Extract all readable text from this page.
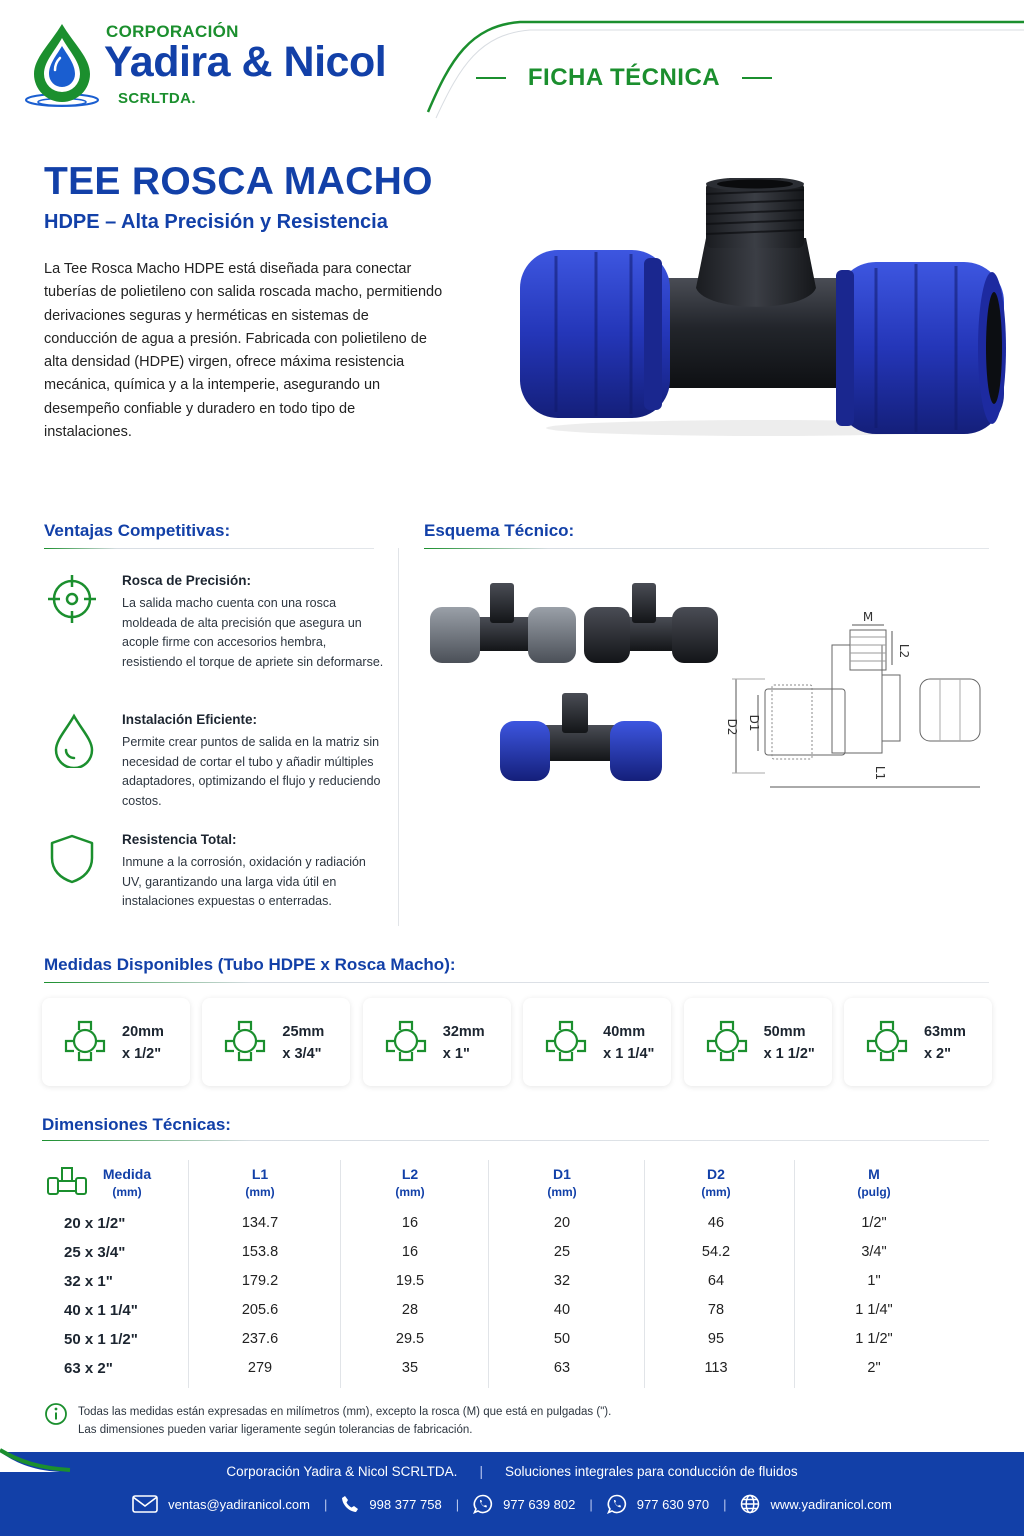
CORPORACIÓN
Yadira & Nicol
SCRLTDA.
FICHA TÉCNICA
TEE ROSCA MACHO
HDPE – Alta Precisión y Resistencia
La Tee Rosca Macho HDPE está diseñada para conectar tuberías de polietileno con salida roscada macho, permitiendo derivaciones seguras y herméticas en sistemas de conducción de agua a presión. Fabricada con polietileno de alta densidad (HDPE) virgen, ofrece máxima resistencia mecánica, química y a la intemperie, asegurando un desempeño confiable y duradero en todo tipo de instalaciones.
Ventajas Competitivas:	Esquema Técnico:
Rosca de Precisión:
La salida macho cuenta con una rosca moldeada de alta precisión que asegura un acople firme con accesorios hembra, resistiendo el torque de apriete sin deformarse.
Instalación Eficiente:
Permite crear puntos de salida en la matriz sin necesidad de cortar el tubo y añadir múltiples adaptadores, optimizando el flujo y reduciendo costos.
Resistencia Total:
Inmune a la corrosión, oxidación y radiación UV, garantizando una larga vida útil en instalaciones expuestas o enterradas.
M
L2
D1
D2
L1
Medidas Disponibles (Tubo HDPE x Rosca Macho):
20mm
x 1/2"
25mm
x 3/4"
32mm
x 1"
40mm
x 1 1/4"
50mm
x 1 1/2"
63mm
x 2"
Dimensiones Técnicas:
Medida
(mm)
L1
(mm)
L2
(mm)
D1
(mm)
D2
(mm)
M
(pulg)
20 x 1/2"	134.7	16	20	46	1/2"
25 x 3/4"	153.8	16	25	54.2	3/4"
32 x 1"	179.2	19.5	32	64	1"
40 x 1 1/4"	205.6	28	40	78	1 1/4"
50 x 1 1/2"	237.6	29.5	50	95	1 1/2"
63 x 2"	279	35	63	113	2"
Todas las medidas están expresadas en milímetros (mm), excepto la rosca (M) que está en pulgadas (").
Las dimensiones pueden variar ligeramente según tolerancias de fabricación.
Corporación Yadira & Nicol SCRLTDA. | Soluciones integrales para conducción de fluidos
ventas@yadiranicol.com |	998 377 758 |	977 639 802 |	977 630 970 |	www.yadiranicol.com
